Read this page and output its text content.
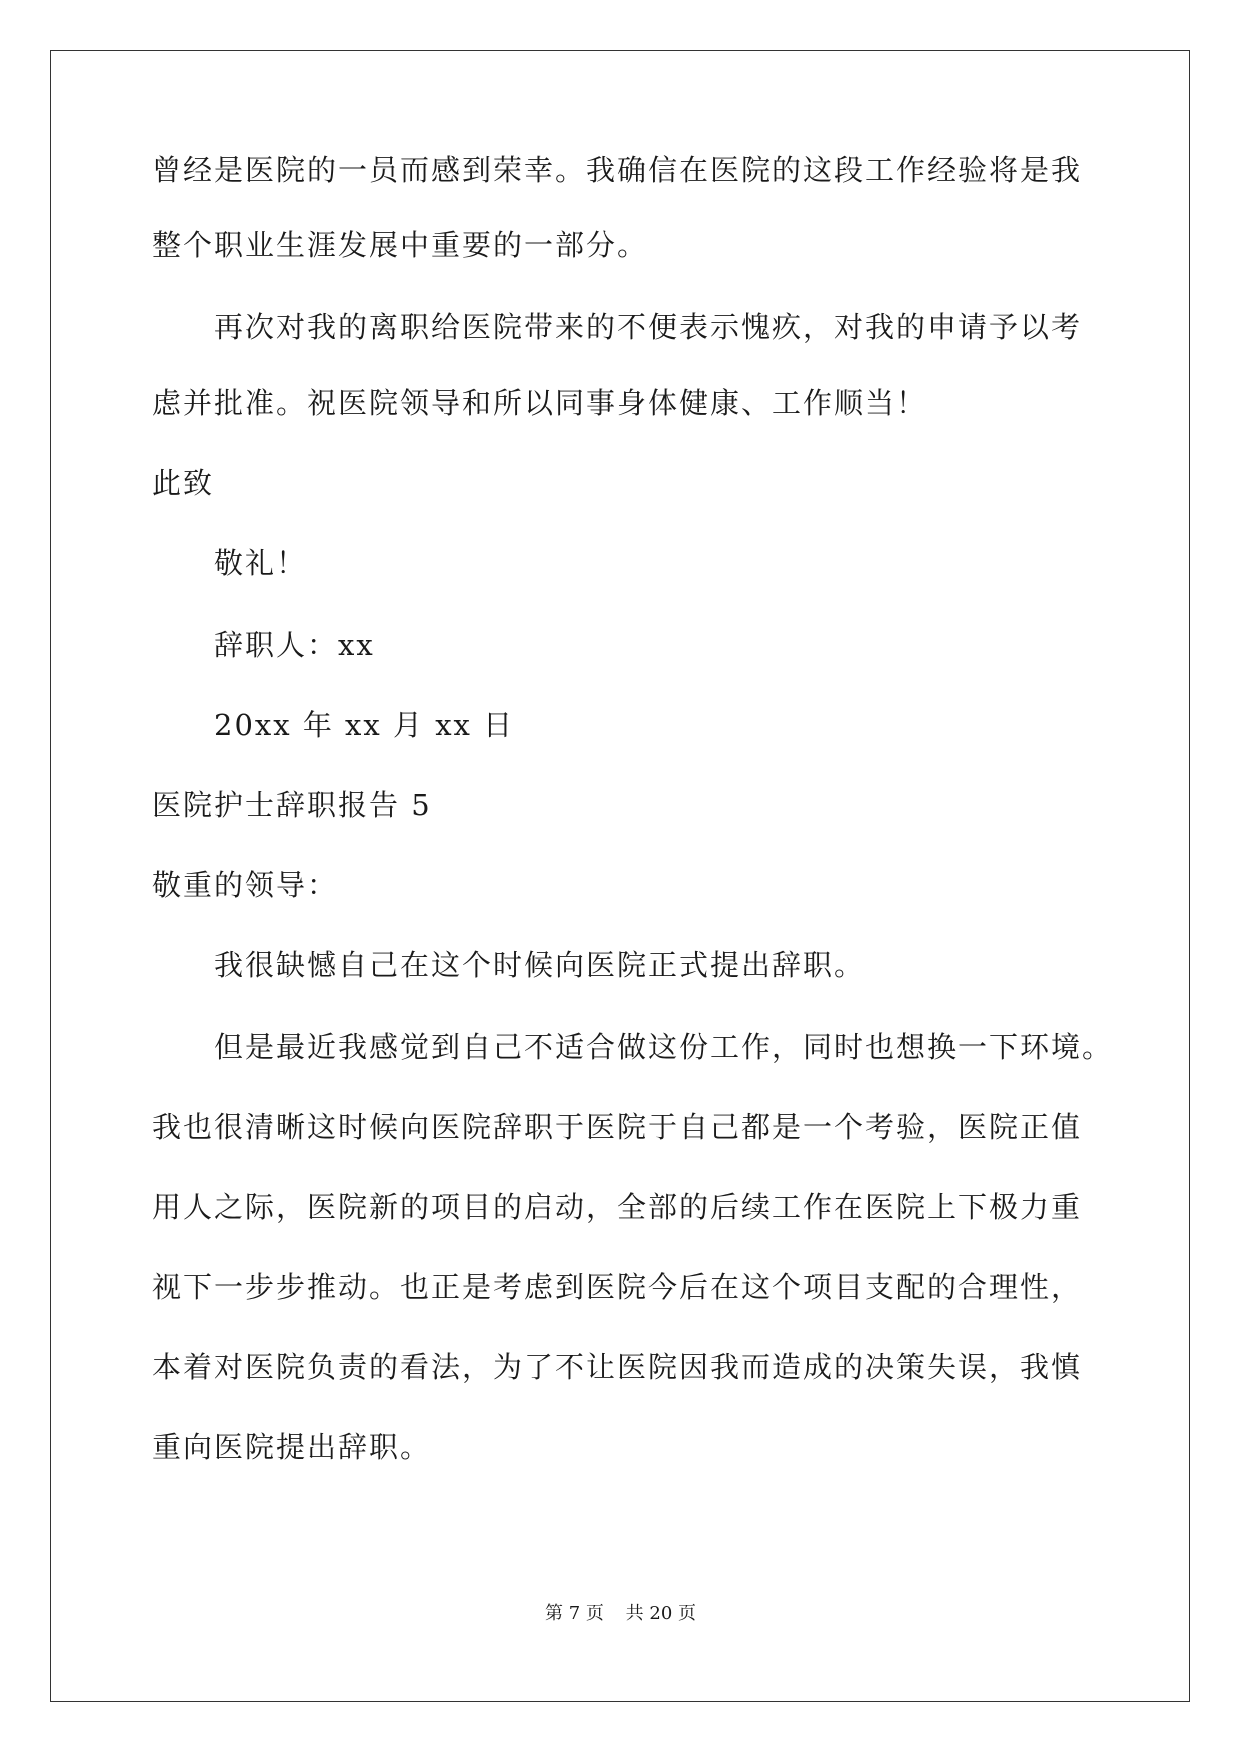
曾经是医院的一员而感到荣幸。我确信在医院的这段工作经验将是我
整个职业生涯发展中重要的一部分。
再次对我的离职给医院带来的不便表示愧疚，对我的申请予以考
虑并批准。祝医院领导和所以同事身体健康、工作顺当！
此致
敬礼！
辞职人：xx
20xx 年 xx 月 xx 日
医院护士辞职报告 5
敬重的领导：
我很缺憾自己在这个时候向医院正式提出辞职。
但是最近我感觉到自己不适合做这份工作，同时也想换一下环境。
我也很清晰这时候向医院辞职于医院于自己都是一个考验，医院正值
用人之际，医院新的项目的启动，全部的后续工作在医院上下极力重
视下一步步推动。也正是考虑到医院今后在这个项目支配的合理性，
本着对医院负责的看法，为了不让医院因我而造成的决策失误，我慎
重向医院提出辞职。
第 7 页 共 20 页
